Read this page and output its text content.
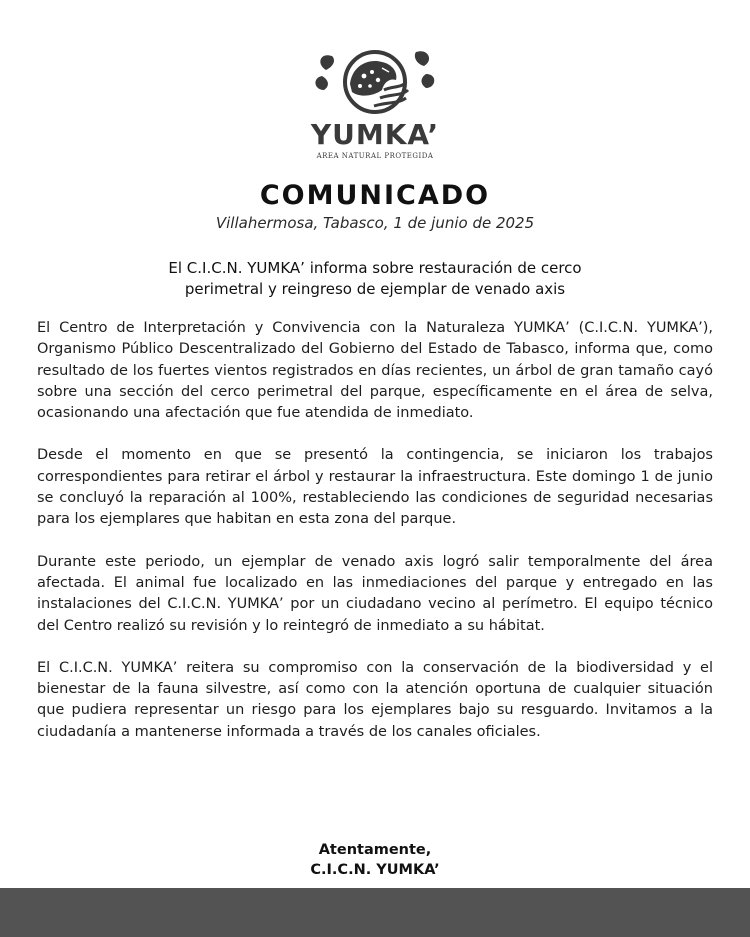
YUMKA’
AREA NATURAL PROTEGIDA
COMUNICADO
Villahermosa, Tabasco, 1 de junio de 2025
El C.I.C.N. YUMKA’ informa sobre restauración de cerco
perimetral y reingreso de ejemplar de venado axis

El Centro de Interpretación y Convivencia con la Naturaleza YUMKA’ (C.I.C.N. YUMKA’), Organismo Público Descentralizado del Gobierno del Estado de Tabasco, informa que, como resultado de los fuertes vientos registrados en días recientes, un árbol de gran tamaño cayó sobre una sección del cerco perimetral del parque, específicamente en el área de selva, ocasionando una afectación que fue atendida de inmediato.

Desde el momento en que se presentó la contingencia, se iniciaron los trabajos correspondientes para retirar el árbol y restaurar la infraestructura. Este domingo 1 de junio se concluyó la reparación al 100%, restableciendo las condiciones de seguridad necesarias para los ejemplares que habitan en esta zona del parque.

Durante este periodo, un ejemplar de venado axis logró salir temporalmente del área afectada. El animal fue localizado en las inmediaciones del parque y entregado en las instalaciones del C.I.C.N. YUMKA’ por un ciudadano vecino al perímetro. El equipo técnico del Centro realizó su revisión y lo reintegró de inmediato a su hábitat.

El C.I.C.N. YUMKA’ reitera su compromiso con la conservación de la biodiversidad y el bienestar de la fauna silvestre, así como con la atención oportuna de cualquier situación que pudiera representar un riesgo para los ejemplares bajo su resguardo. Invitamos a la ciudadanía a mantenerse informada a través de los canales oficiales.

Atentamente,
C.I.C.N. YUMKA’
